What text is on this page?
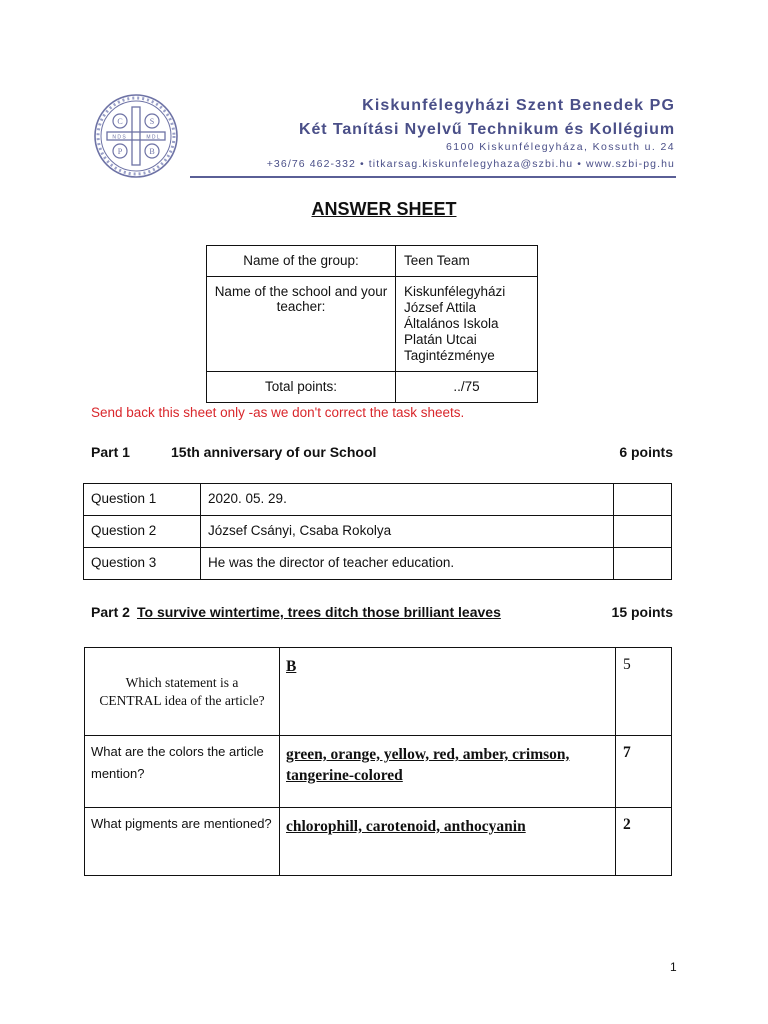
C	S
P	B
N D S	M D L
Kiskunfélegyházi Szent Benedek PG
Két Tanítási Nyelvű Technikum és Kollégium
6100 Kiskunfélegyháza, Kossuth u. 24
+36/76 462-332 • titkarsag.kiskunfelegyhaza@szbi.hu • www.szbi-pg.hu
ANSWER SHEET
Name of the group:	Teen Team
Name of the school and your teacher:	Kiskunfélegyházi József Attila Általános Iskola Platán Utcai Tagintézménye
Total points:	../75
Send back this sheet only -as we don't correct the task sheets.
Part 1	15th anniversary of our School	6 points
Question 1	2020. 05. 29.	
Question 2	József Csányi, Csaba Rokolya	
Question 3	He was the director of teacher education.	
Part 2 To survive wintertime, trees ditch those brilliant leaves	15 points
Which statement is a CENTRAL idea of the article?	B	5
What are the colors the article mention?	green, orange, yellow, red, amber, crimson, tangerine-colored	7
What pigments are mentioned?	chlorophill, carotenoid, anthocyanin	2
1
